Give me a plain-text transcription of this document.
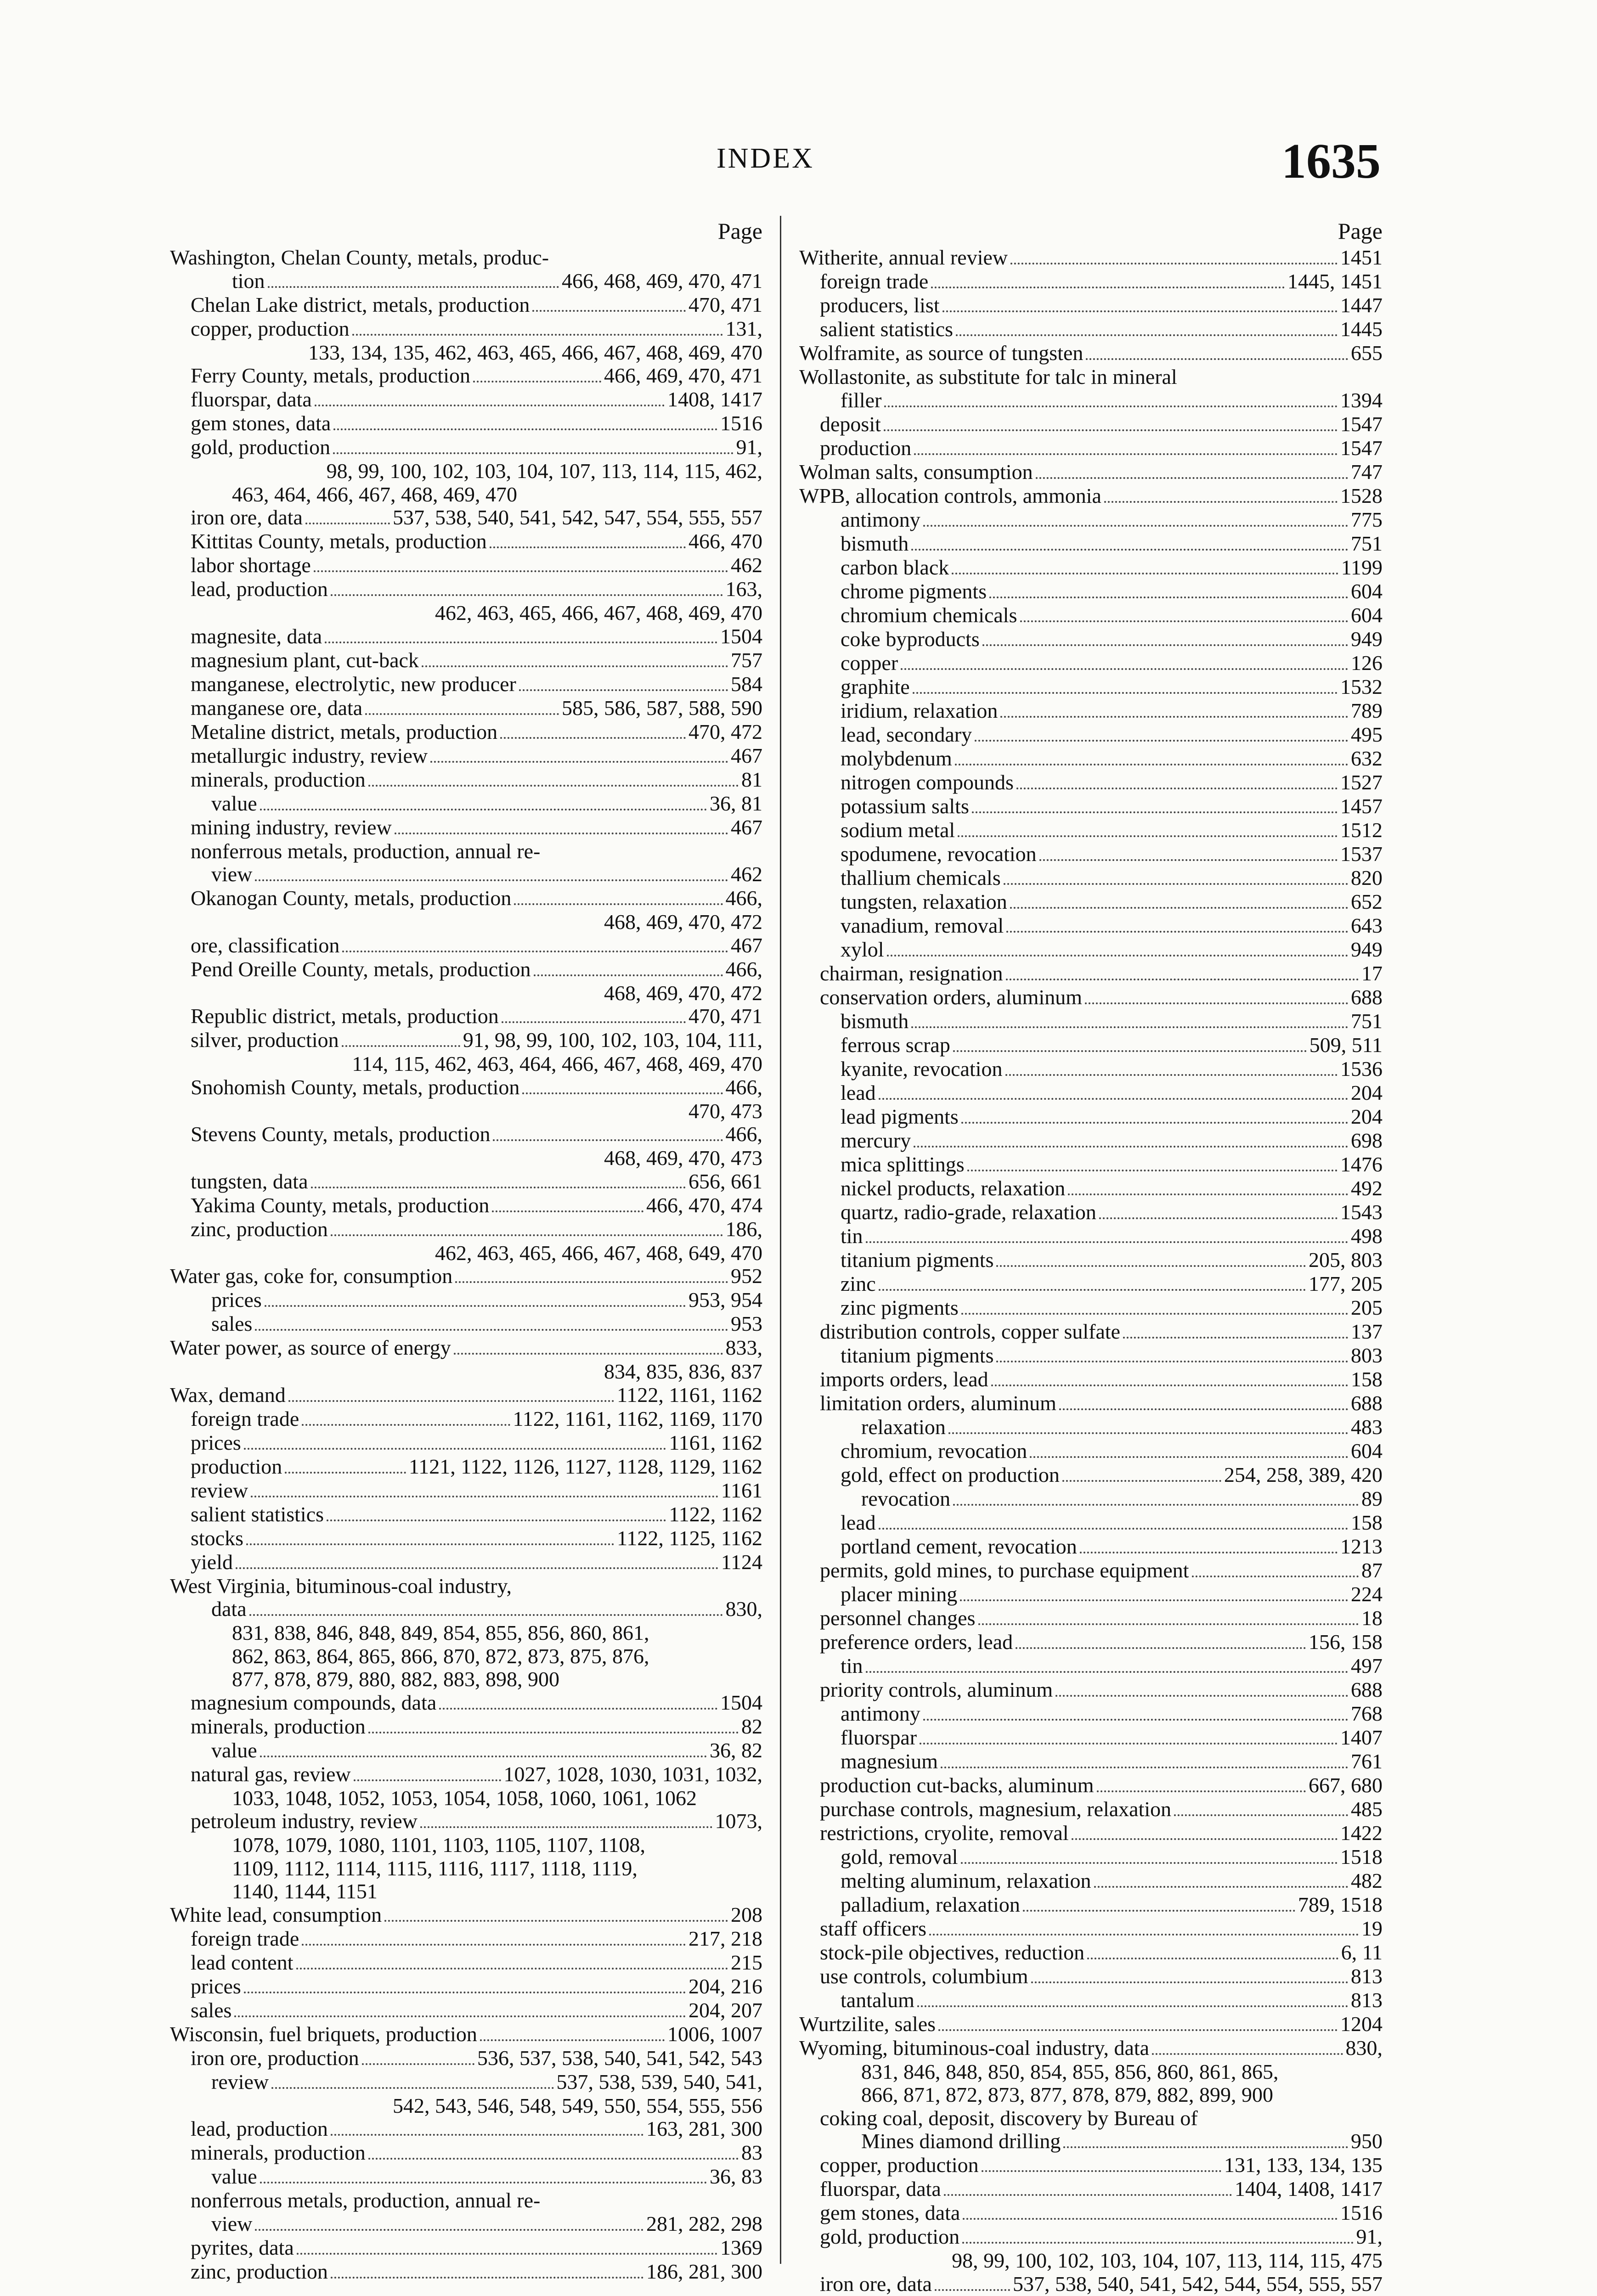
INDEX	1635
Page
Washington, Chelan County, metals, produc-
tion	466, 468, 469, 470, 471
Chelan Lake district, metals, production	470, 471
copper, production	131,
133, 134, 135, 462, 463, 465, 466, 467, 468, 469, 470
Ferry County, metals, production	466, 469, 470, 471
fluorspar, data	1408, 1417
gem stones, data	1516
gold, production	91,
98, 99, 100, 102, 103, 104, 107, 113, 114, 115, 462,
463, 464, 466, 467, 468, 469, 470
iron ore, data	537, 538, 540, 541, 542, 547, 554, 555, 557
Kittitas County, metals, production	466, 470
labor shortage	462
lead, production	163,
462, 463, 465, 466, 467, 468, 469, 470
magnesite, data	1504
magnesium plant, cut-back	757
manganese, electrolytic, new producer	584
manganese ore, data	585, 586, 587, 588, 590
Metaline district, metals, production	470, 472
metallurgic industry, review	467
minerals, production	81
value	36, 81
mining industry, review	467
nonferrous metals, production, annual re-
view	462
Okanogan County, metals, production	466,
468, 469, 470, 472
ore, classification	467
Pend Oreille County, metals, production	466,
468, 469, 470, 472
Republic district, metals, production	470, 471
silver, production	91, 98, 99, 100, 102, 103, 104, 111,
114, 115, 462, 463, 464, 466, 467, 468, 469, 470
Snohomish County, metals, production	466,
470, 473
Stevens County, metals, production	466,
468, 469, 470, 473
tungsten, data	656, 661
Yakima County, metals, production	466, 470, 474
zinc, production	186,
462, 463, 465, 466, 467, 468, 649, 470
Water gas, coke for, consumption	952
prices	953, 954
sales	953
Water power, as source of energy	833,
834, 835, 836, 837
Wax, demand	1122, 1161, 1162
foreign trade	1122, 1161, 1162, 1169, 1170
prices	1161, 1162
production	1121, 1122, 1126, 1127, 1128, 1129, 1162
review	1161
salient statistics	1122, 1162
stocks	1122, 1125, 1162
yield	1124
West Virginia, bituminous-coal industry,
data	830,
831, 838, 846, 848, 849, 854, 855, 856, 860, 861,
862, 863, 864, 865, 866, 870, 872, 873, 875, 876,
877, 878, 879, 880, 882, 883, 898, 900
magnesium compounds, data	1504
minerals, production	82
value	36, 82
natural gas, review	1027, 1028, 1030, 1031, 1032,
1033, 1048, 1052, 1053, 1054, 1058, 1060, 1061, 1062
petroleum industry, review	1073,
1078, 1079, 1080, 1101, 1103, 1105, 1107, 1108,
1109, 1112, 1114, 1115, 1116, 1117, 1118, 1119,
1140, 1144, 1151
White lead, consumption	208
foreign trade	217, 218
lead content	215
prices	204, 216
sales	204, 207
Wisconsin, fuel briquets, production	1006, 1007
iron ore, production	536, 537, 538, 540, 541, 542, 543
review	537, 538, 539, 540, 541,
542, 543, 546, 548, 549, 550, 554, 555, 556
lead, production	163, 281, 300
minerals, production	83
value	36, 83
nonferrous metals, production, annual re-
view	281, 282, 298
pyrites, data	1369
zinc, production	186, 281, 300
Page
Witherite, annual review	1451
foreign trade	1445, 1451
producers, list	1447
salient statistics	1445
Wolframite, as source of tungsten	655
Wollastonite, as substitute for talc in mineral
filler	1394
deposit	1547
production	1547
Wolman salts, consumption	747
WPB, allocation controls, ammonia	1528
antimony	775
bismuth	751
carbon black	1199
chrome pigments	604
chromium chemicals	604
coke byproducts	949
copper	126
graphite	1532
iridium, relaxation	789
lead, secondary	495
molybdenum	632
nitrogen compounds	1527
potassium salts	1457
sodium metal	1512
spodumene, revocation	1537
thallium chemicals	820
tungsten, relaxation	652
vanadium, removal	643
xylol	949
chairman, resignation	17
conservation orders, aluminum	688
bismuth	751
ferrous scrap	509, 511
kyanite, revocation	1536
lead	204
lead pigments	204
mercury	698
mica splittings	1476
nickel products, relaxation	492
quartz, radio-grade, relaxation	1543
tin	498
titanium pigments	205, 803
zinc	177, 205
zinc pigments	205
distribution controls, copper sulfate	137
titanium pigments	803
imports orders, lead	158
limitation orders, aluminum	688
relaxation	483
chromium, revocation	604
gold, effect on production	254, 258, 389, 420
revocation	89
lead	158
portland cement, revocation	1213
permits, gold mines, to purchase equipment	87
placer mining	224
personnel changes	18
preference orders, lead	156, 158
tin	497
priority controls, aluminum	688
antimony	768
fluorspar	1407
magnesium	761
production cut-backs, aluminum	667, 680
purchase controls, magnesium, relaxation	485
restrictions, cryolite, removal	1422
gold, removal	1518
melting aluminum, relaxation	482
palladium, relaxation	789, 1518
staff officers	19
stock-pile objectives, reduction	6, 11
use controls, columbium	813
tantalum	813
Wurtzilite, sales	1204
Wyoming, bituminous-coal industry, data	830,
831, 846, 848, 850, 854, 855, 856, 860, 861, 865,
866, 871, 872, 873, 877, 878, 879, 882, 899, 900
coking coal, deposit, discovery by Bureau of
Mines diamond drilling	950
copper, production	131, 133, 134, 135
fluorspar, data	1404, 1408, 1417
gem stones, data	1516
gold, production	91,
98, 99, 100, 102, 103, 104, 107, 113, 114, 115, 475
iron ore, data	537, 538, 540, 541, 542, 544, 554, 555, 557
